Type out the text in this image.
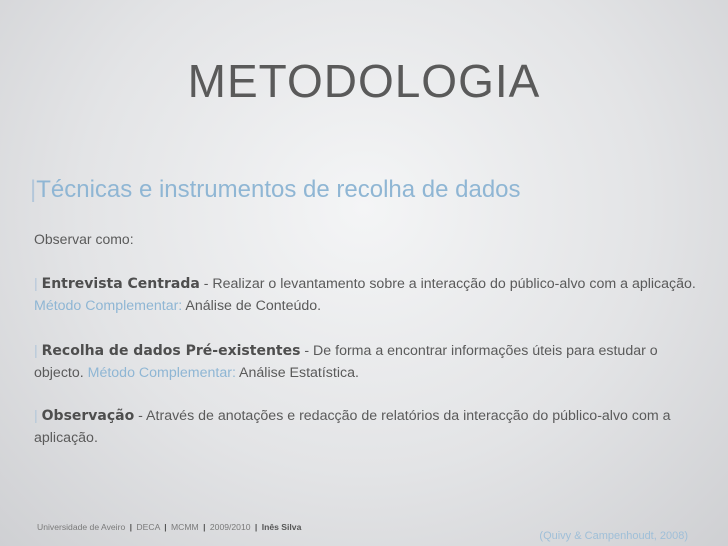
METODOLOGIA
|Técnicas e instrumentos de recolha de dados
Observar como:
| Entrevista Centrada - Realizar o levantamento sobre a interacção do público-alvo com a aplicação. Método Complementar: Análise de Conteúdo.
| Recolha de dados Pré-existentes - De forma a encontrar informações úteis para estudar o objecto. Método Complementar: Análise Estatística.
| Observação - Através de anotações e redacção de relatórios da interacção do público-alvo com a aplicação.
Universidade de Aveiro | DECA | MCMM | 2009/2010 | Inês Silva
(Quivy & Campenhoudt, 2008)
